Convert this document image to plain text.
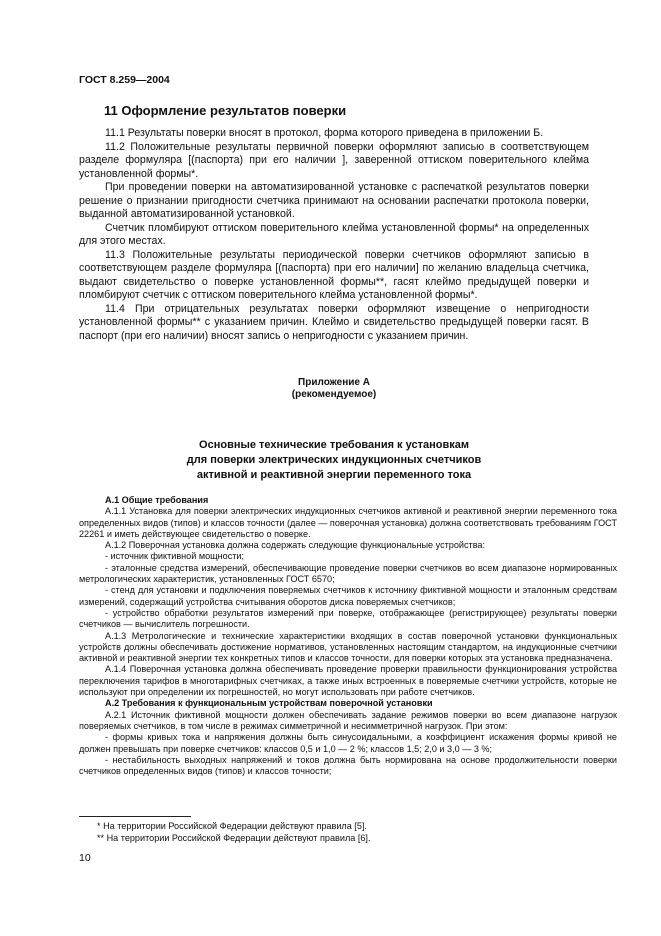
ГОСТ 8.259—2004
11 Оформление результатов поверки

11.1 Результаты поверки вносят в протокол, форма которого приведена в приложении Б.

11.2 Положительные результаты первичной поверки оформляют записью в соответствующем разделе формуляра [(паспорта) при его наличии ], заверенной оттиском поверительного клейма установленной формы*.

При проведении поверки на автоматизированной установке с распечаткой результатов поверки решение о признании пригодности счетчика принимают на основании распечатки протокола поверки, выданной автоматизированной установкой.

Счетчик пломбируют оттиском поверительного клейма установленной формы* на определенных для этого местах.

11.3 Положительные результаты периодической поверки счетчиков оформляют записью в соответствующем разделе формуляра [(паспорта) при его наличии] по желанию владельца счетчика, выдают свидетельство о поверке установленной формы**, гасят клеймо предыдущей поверки и пломбируют счетчик с оттиском поверительного клейма установленной формы*.

11.4 При отрицательных результатах поверки оформляют извещение о непригодности установленной формы** с указанием причин. Клеймо и свидетельство предыдущей поверки гасят. В паспорт (при его наличии) вносят запись о непригодности с указанием причин.

Приложение А
(рекомендуемое)
Основные технические требования к установкам
для поверки электрических индукционных счетчиков
активной и реактивной энергии переменного тока

А.1 Общие требования

А.1.1 Установка для поверки электрических индукционных счетчиков активной и реактивной энергии переменного тока определенных видов (типов) и классов точности (далее — поверочная установка) должна соответствовать требованиям ГОСТ 22261 и иметь действующее свидетельство о поверке.

А.1.2 Поверочная установка должна содержать следующие функциональные устройства:

- источник фиктивной мощности;

- эталонные средства измерений, обеспечивающие проведение поверки счетчиков во всем диапазоне нормированных метрологических характеристик, установленных ГОСТ 6570;

- стенд для установки и подключения поверяемых счетчиков к источнику фиктивной мощности и эталонным средствам измерений, содержащий устройства считывания оборотов диска поверяемых счетчиков;

- устройство обработки результатов измерений при поверке, отображающее (регистрирующее) результаты поверки счетчиков — вычислитель погрешности.

А.1.3 Метрологические и технические характеристики входящих в состав поверочной установки функциональных устройств должны обеспечивать достижение нормативов, установленных настоящим стандартом, на индукционные счетчики активной и реактивной энергии тех конкретных типов и классов точности, для поверки которых эта установка предназначена.

А.1.4 Поверочная установка должна обеспечивать проведение проверки правильности функционирования устройства переключения тарифов в многотарифных счетчиках, а также иных встроенных в поверяемые счетчики устройств, которые не используют при определении их погрешностей, но могут использовать при работе счетчиков.

А.2 Требования к функциональным устройствам поверочной установки

А.2.1 Источник фиктивной мощности должен обеспечивать задание режимов поверки во всем диапазоне нагрузок поверяемых счетчиков, в том числе в режимах симметричной и несимметричной нагрузок. При этом:

- формы кривых тока и напряжения должны быть синусоидальными, а коэффициент искажения формы кривой не должен превышать при поверке счетчиков: классов 0,5 и 1,0 — 2 %; классов 1,5; 2,0 и 3,0 — 3 %;

- нестабильность выходных напряжений и токов должна быть нормирована на основе продолжительности поверки счетчиков определенных видов (типов) и классов точности;

* На территории Российской Федерации действуют правила [5].
** На территории Российской Федерации действуют правила [6].
10
